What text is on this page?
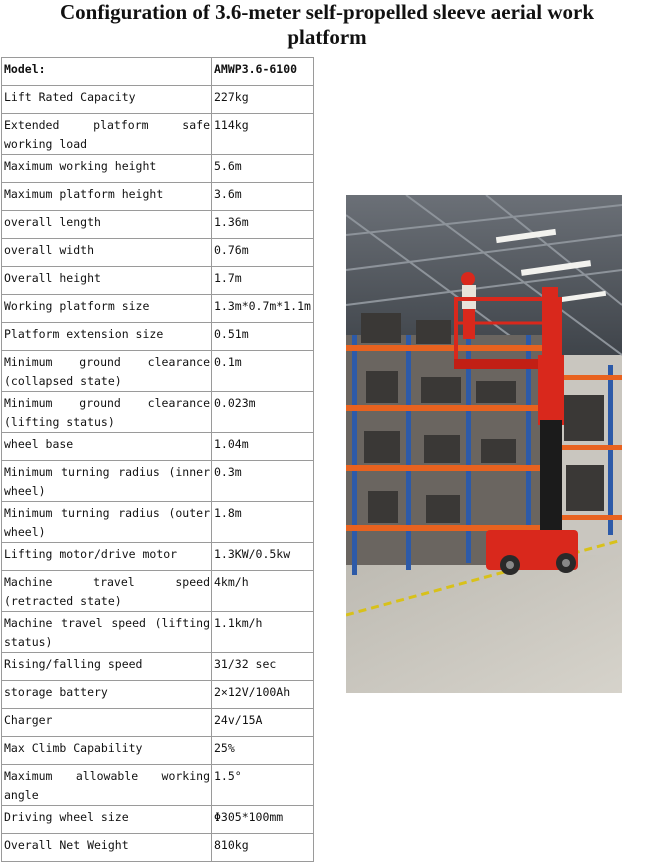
Configuration of 3.6-meter self-propelled sleeve aerial work
platform
Model:	AMWP3.6-6100
Lift Rated Capacity	227kg
Extended platform safe working load	114kg
Maximum working height	5.6m
Maximum platform height	3.6m
overall length	1.36m
overall width	0.76m
Overall height	1.7m
Working platform size	1.3m*0.7m*1.1m
Platform extension size	0.51m
Minimum ground clearance (collapsed state)	0.1m
Minimum ground clearance (lifting status)	0.023m
wheel base	1.04m
Minimum turning radius (inner wheel)	0.3m
Minimum turning radius (outer wheel)	1.8m
Lifting motor/drive motor	1.3KW/0.5kw
Machine travel speed (retracted state)	4km/h
Machine travel speed (lifting status)	1.1km/h
Rising/falling speed	31/32 sec
storage battery	2×12V/100Ah
Charger	24v/15A
Max Climb Capability	25%
Maximum allowable working angle	1.5°
Driving wheel size	Φ305*100mm
Overall Net Weight	810kg
